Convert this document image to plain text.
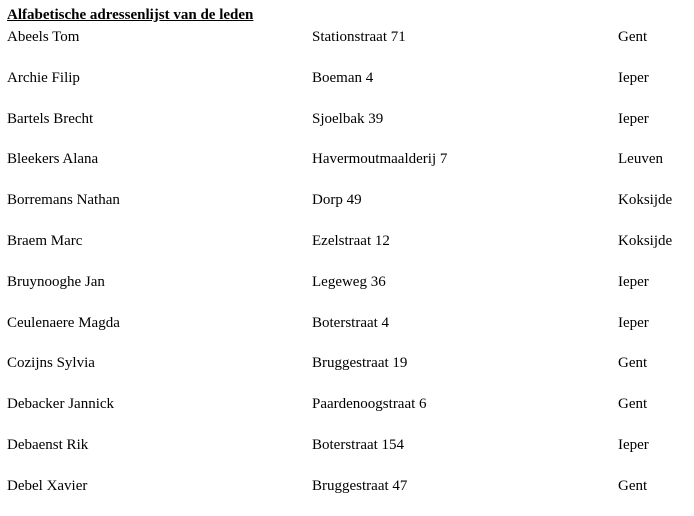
Alfabetische adressenlijst van de leden
Abeels Tom	Stationstraat 71	Gent
Archie Filip	Boeman 4	Ieper
Bartels Brecht	Sjoelbak 39	Ieper
Bleekers Alana	Havermoutmaalderij 7	Leuven
Borremans Nathan	Dorp 49	Koksijde
Braem Marc	Ezelstraat 12	Koksijde
Bruynooghe Jan	Legeweg 36	Ieper
Ceulenaere Magda	Boterstraat 4	Ieper
Cozijns Sylvia	Bruggestraat 19	Gent
Debacker Jannick	Paardenoogstraat 6	Gent
Debaenst Rik	Boterstraat 154	Ieper
Debel Xavier	Bruggestraat 47	Gent
